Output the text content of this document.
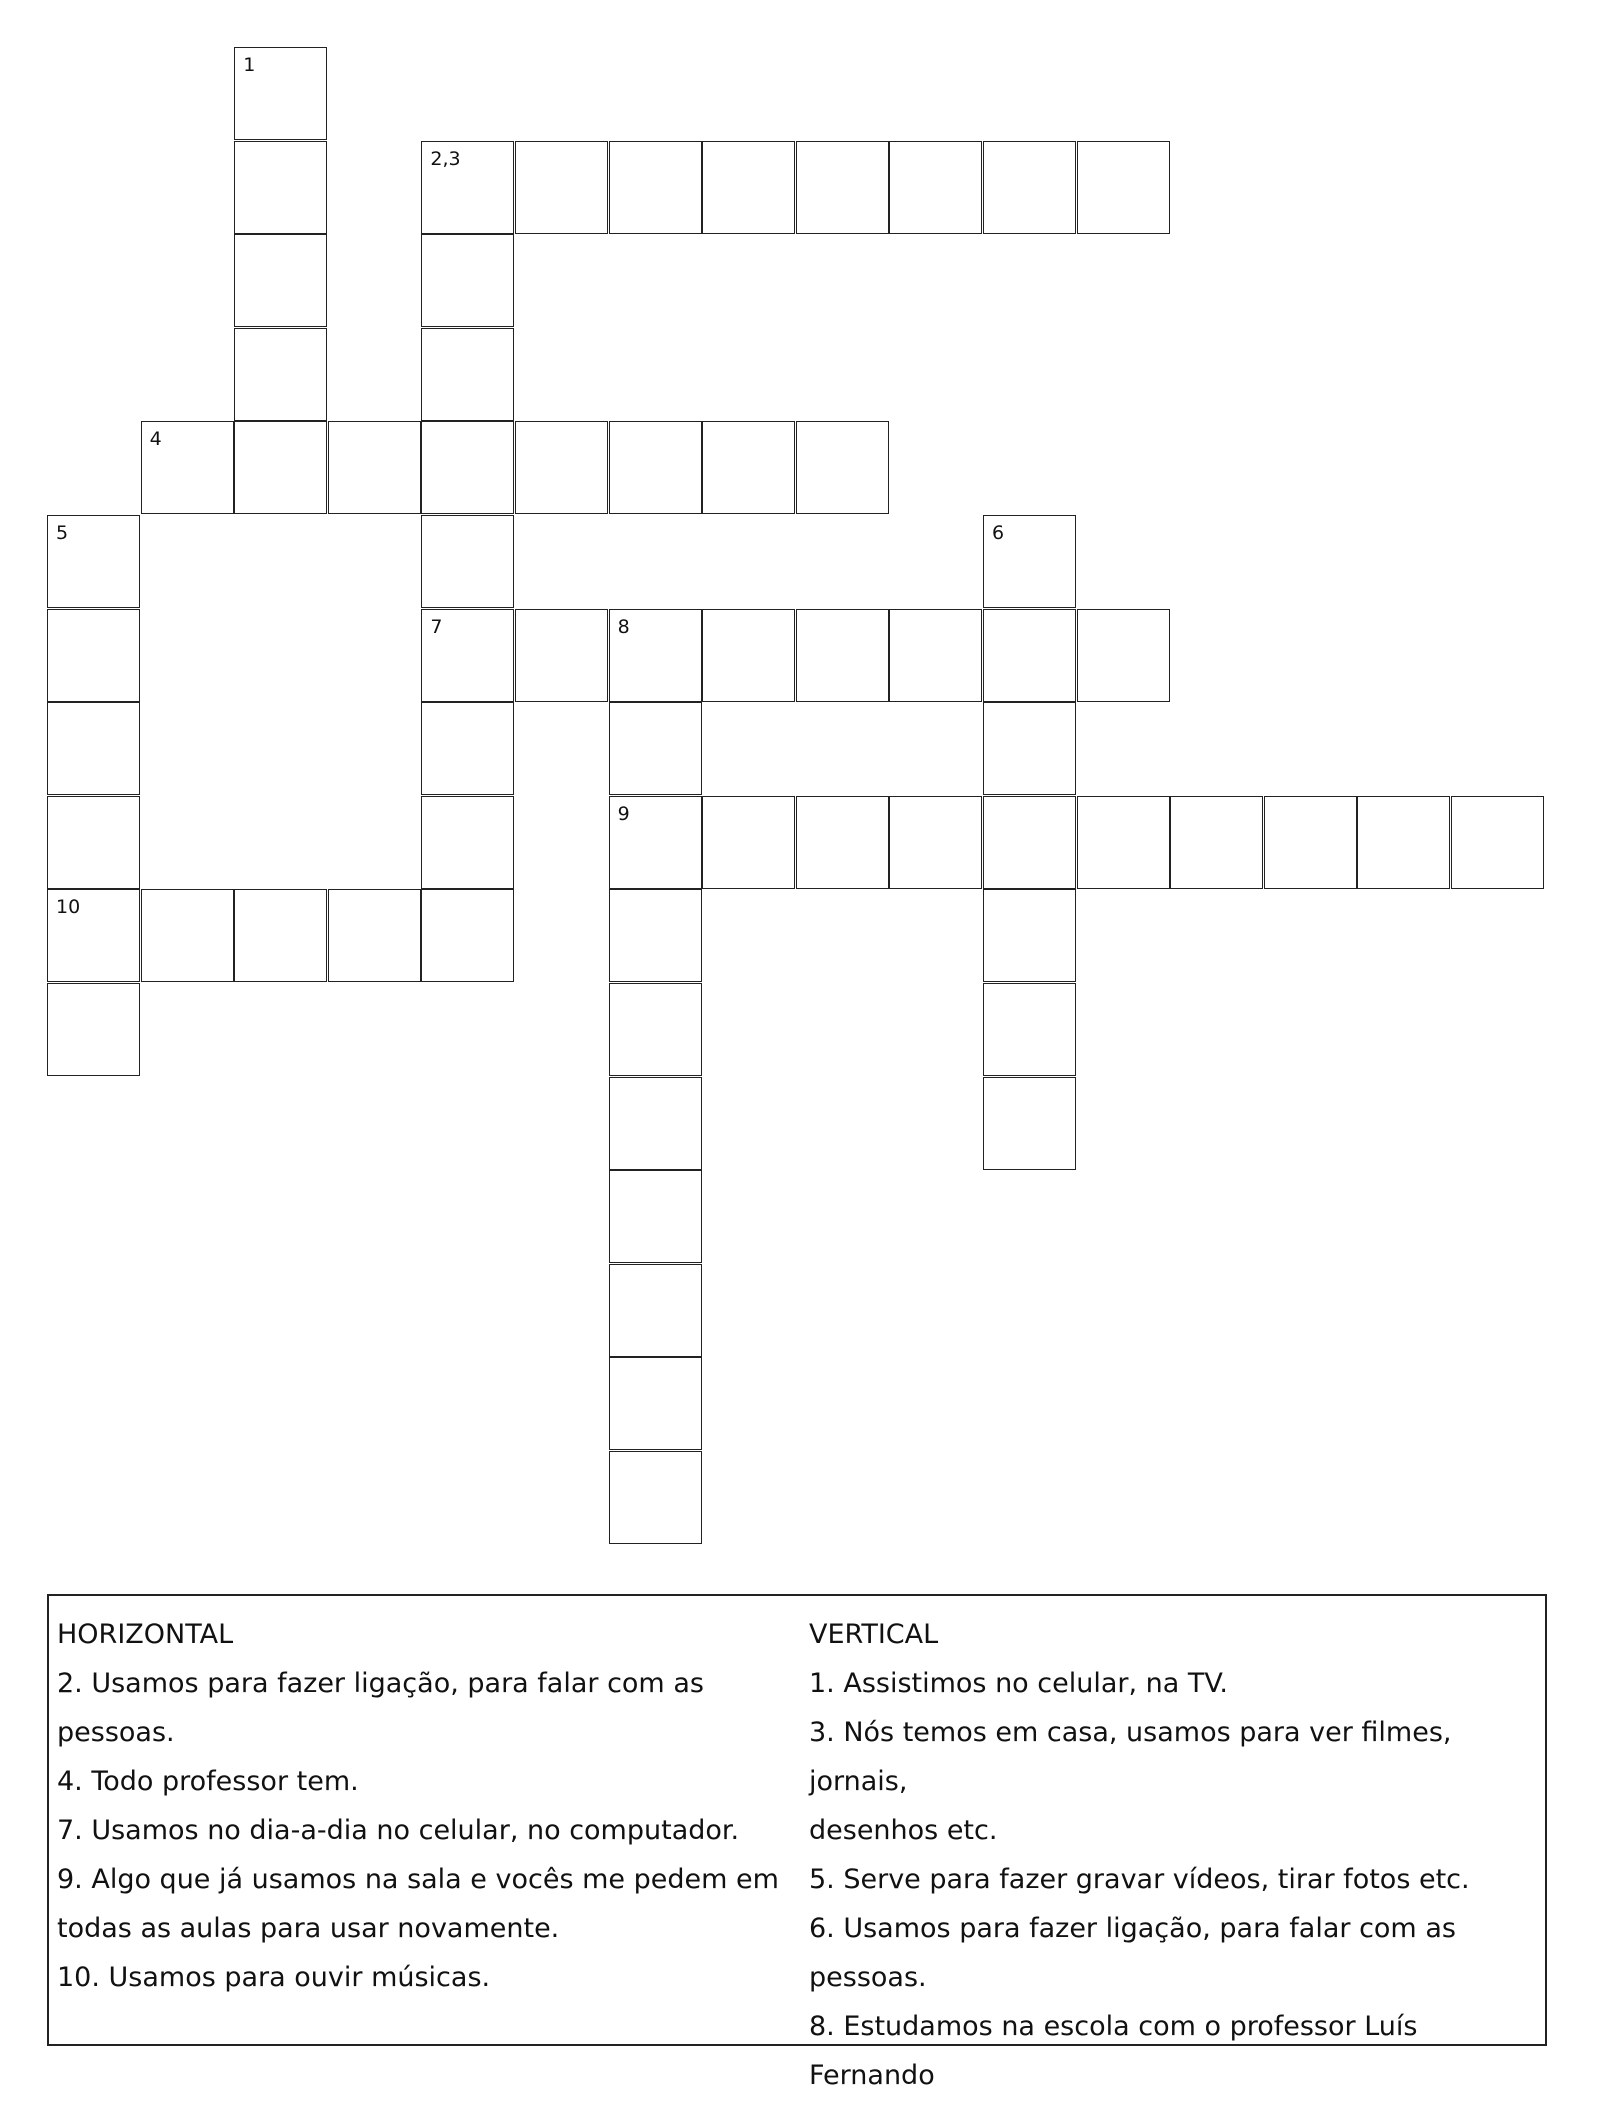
1
2,3
4
5	6
7	8
9
10
HORIZONTAL
2. Usamos para fazer ligação, para falar com as
pessoas.
4. Todo professor tem.
7. Usamos no dia-a-dia no celular, no computador.
9. Algo que já usamos na sala e vocês me pedem em
todas as aulas para usar novamente.
10. Usamos para ouvir músicas.
VERTICAL
1. Assistimos no celular, na TV.
3. Nós temos em casa, usamos para ver filmes, jornais,
desenhos etc.
5. Serve para fazer gravar vídeos, tirar fotos etc.
6. Usamos para fazer ligação, para falar com as
pessoas.
8. Estudamos na escola com o professor Luís Fernando
